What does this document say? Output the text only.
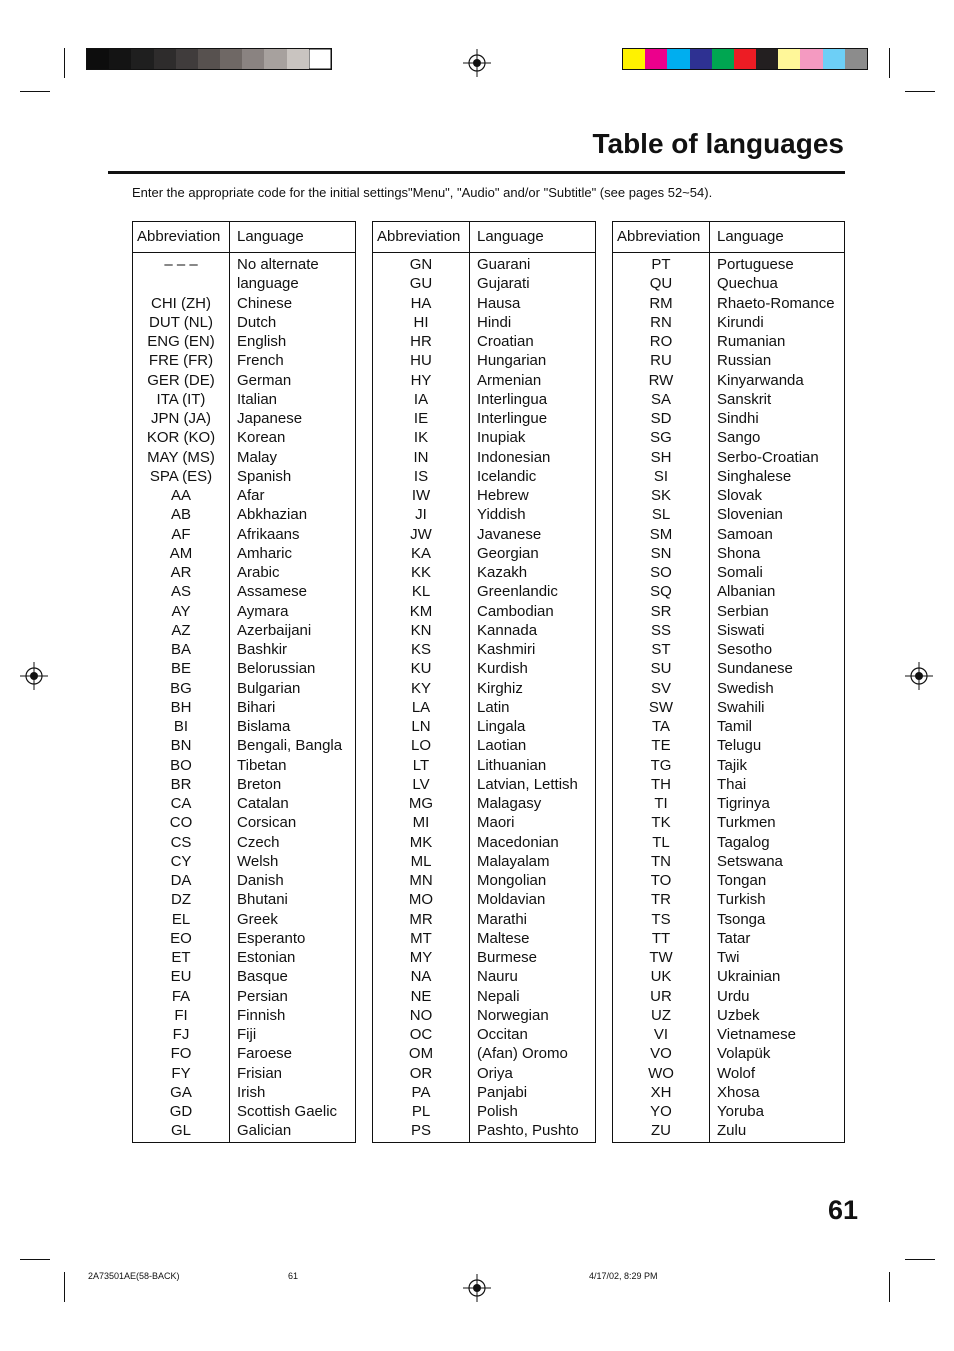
Table of languages
Enter the appropriate code for the initial settings"Menu", "Audio" and/or "Subtitle" (see pages 52~54).
Abbreviation Language
– – –	No alternate
language
CHI (ZH)	Chinese
DUT (NL)	Dutch
ENG (EN)	English
FRE (FR)	French
GER (DE)	German
ITA (IT)	Italian
JPN (JA)	Japanese
KOR (KO)	Korean
MAY (MS)	Malay
SPA (ES)	Spanish
AA	Afar
AB	Abkhazian
AF	Afrikaans
AM	Amharic
AR	Arabic
AS	Assamese
AY	Aymara
AZ	Azerbaijani
BA	Bashkir
BE	Belorussian
BG	Bulgarian
BH	Bihari
BI	Bislama
BN	Bengali, Bangla
BO	Tibetan
BR	Breton
CA	Catalan
CO	Corsican
CS	Czech
CY	Welsh
DA	Danish
DZ	Bhutani
EL	Greek
EO	Esperanto
ET	Estonian
EU	Basque
FA	Persian
FI	Finnish
FJ	Fiji
FO	Faroese
FY	Frisian
GA	Irish
GD	Scottish Gaelic
GL	Galician
Abbreviation Language
GN	Guarani
GU	Gujarati
HA	Hausa
HI	Hindi
HR	Croatian
HU	Hungarian
HY	Armenian
IA	Interlingua
IE	Interlingue
IK	Inupiak
IN	Indonesian
IS	Icelandic
IW	Hebrew
JI	Yiddish
JW	Javanese
KA	Georgian
KK	Kazakh
KL	Greenlandic
KM	Cambodian
KN	Kannada
KS	Kashmiri
KU	Kurdish
KY	Kirghiz
LA	Latin
LN	Lingala
LO	Laotian
LT	Lithuanian
LV	Latvian, Lettish
MG	Malagasy
MI	Maori
MK	Macedonian
ML	Malayalam
MN	Mongolian
MO	Moldavian
MR	Marathi
MT	Maltese
MY	Burmese
NA	Nauru
NE	Nepali
NO	Norwegian
OC	Occitan
OM	(Afan) Oromo
OR	Oriya
PA	Panjabi
PL	Polish
PS	Pashto, Pushto
Abbreviation Language
PT	Portuguese
QU	Quechua
RM	Rhaeto-Romance
RN	Kirundi
RO	Rumanian
RU	Russian
RW	Kinyarwanda
SA	Sanskrit
SD	Sindhi
SG	Sango
SH	Serbo-Croatian
SI	Singhalese
SK	Slovak
SL	Slovenian
SM	Samoan
SN	Shona
SO	Somali
SQ	Albanian
SR	Serbian
SS	Siswati
ST	Sesotho
SU	Sundanese
SV	Swedish
SW	Swahili
TA	Tamil
TE	Telugu
TG	Tajik
TH	Thai
TI	Tigrinya
TK	Turkmen
TL	Tagalog
TN	Setswana
TO	Tongan
TR	Turkish
TS	Tsonga
TT	Tatar
TW	Twi
UK	Ukrainian
UR	Urdu
UZ	Uzbek
VI	Vietnamese
VO	Volapük
WO	Wolof
XH	Xhosa
YO	Yoruba
ZU	Zulu
61
2A73501AE(58-BACK)	61	4/17/02, 8:29 PM
